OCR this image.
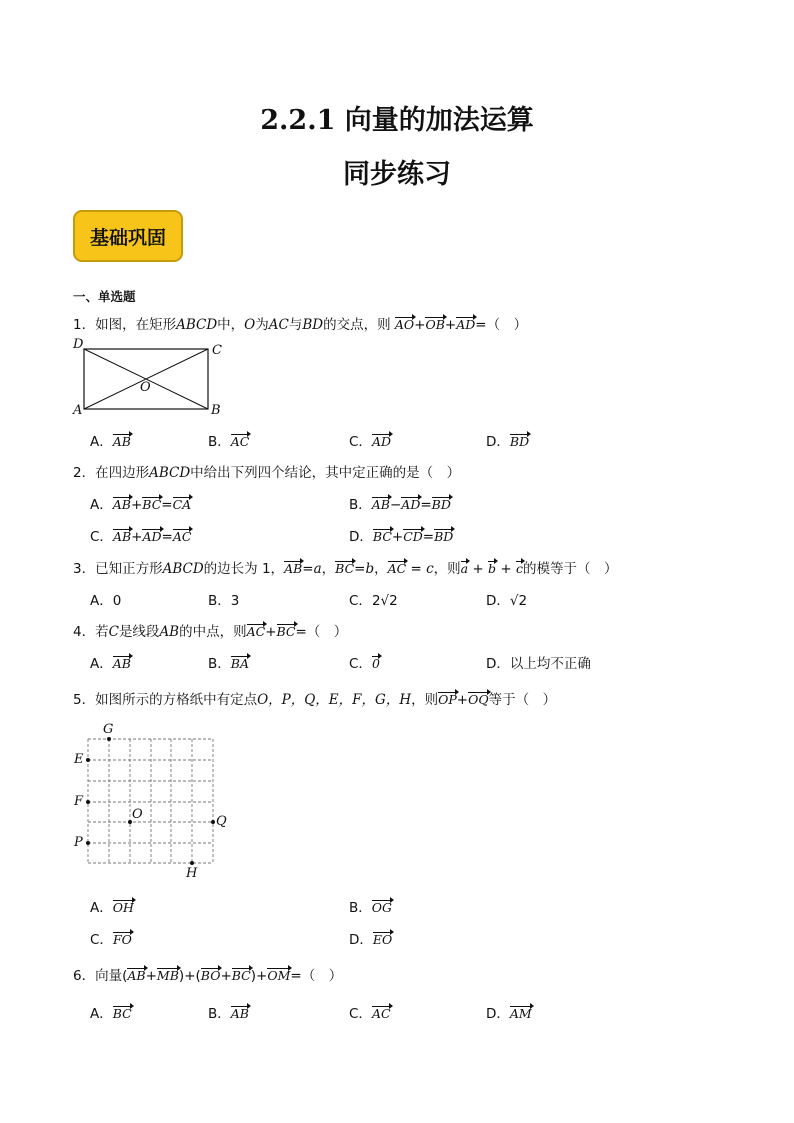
2.2.1 向量的加法运算
同步练习
基础巩固
一、单选题
1．如图，在矩形ABCD中，O为AC与BD的交点，则 AO+OB+AD=（　）
D	C
A	B
O
A．AB	B．AC	C．AD	D．BD
2．在四边形ABCD中给出下列四个结论，其中定正确的是（　）
A．AB+BC=CA	B．AB−AD=BD
C．AB+AD=AC	D．BC+CD=BD
3．已知正方形ABCD的边长为 1，AB=a，BC=b，AC = c，则a + b + c的模等于（　）
A．0	B．3	C．2√2	D．√2
4．若C是线段AB的中点，则AC+BC=（　）
A．AB	B．BA	C．0	D．以上均不正确
5．如图所示的方格纸中有定点O，P，Q，E，F，G，H，则OP+OQ等于（　）
G
E
F
O	Q
P
H
A．OH	B．OG
C．FO	D．EO
6．向量(AB+MB)+(BO+BC)+OM=（　）
A．BC	B．AB	C．AC	D．AM
